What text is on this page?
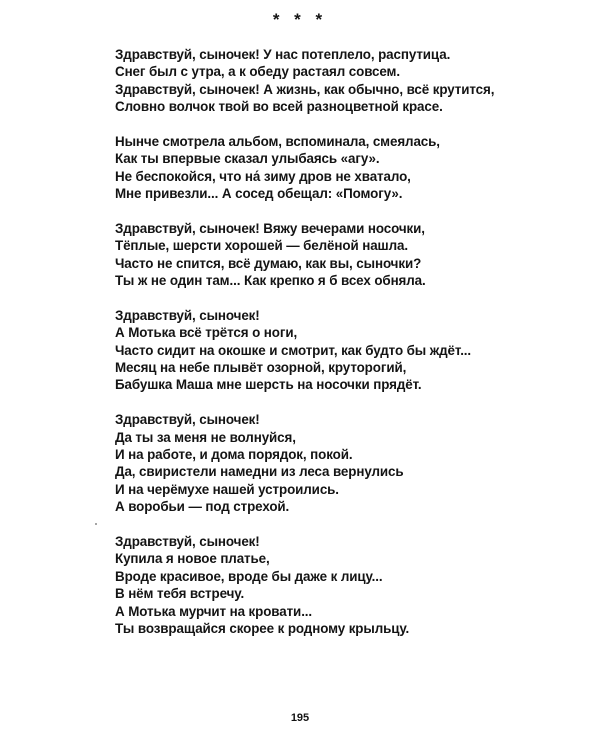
* * *
Здравствуй, сыночек! У нас потеплело, распутица.
Снег был с утра, а к обеду растаял совсем.
Здравствуй, сыночек! А жизнь, как обычно, всё крутится,
Словно волчок твой во всей разноцветной красе.
Нынче смотрела альбом, вспоминала, смеялась,
Как ты впервые сказал улыбаясь «агу».
Не беспокойся, что на́ зиму дров не хватало,
Мне привезли... А сосед обещал: «Помогу».
Здравствуй, сыночек! Вяжу вечерами носочки,
Тёплые, шерсти хорошей — белёной нашла.
Часто не спится, всё думаю, как вы, сыночки?
Ты ж не один там... Как крепко я б всех обняла.
Здравствуй, сыночек!
А Мотька всё трётся о ноги,
Часто сидит на окошке и смотрит, как будто бы ждёт...
Месяц на небе плывёт озорной, круторогий,
Бабушка Маша мне шерсть на носочки прядёт.
Здравствуй, сыночек!
Да ты за меня не волнуйся,
И на работе, и дома порядок, покой.
Да, свиристели намедни из леса вернулись
И на черёмухе нашей устроились.
А воробьи — под стрехой.
Здравствуй, сыночек!
Купила я новое платье,
Вроде красивое, вроде бы даже к лицу...
В нём тебя встречу.
А Мотька мурчит на кровати...
Ты возвращайся скорее к родному крыльцу.
195
